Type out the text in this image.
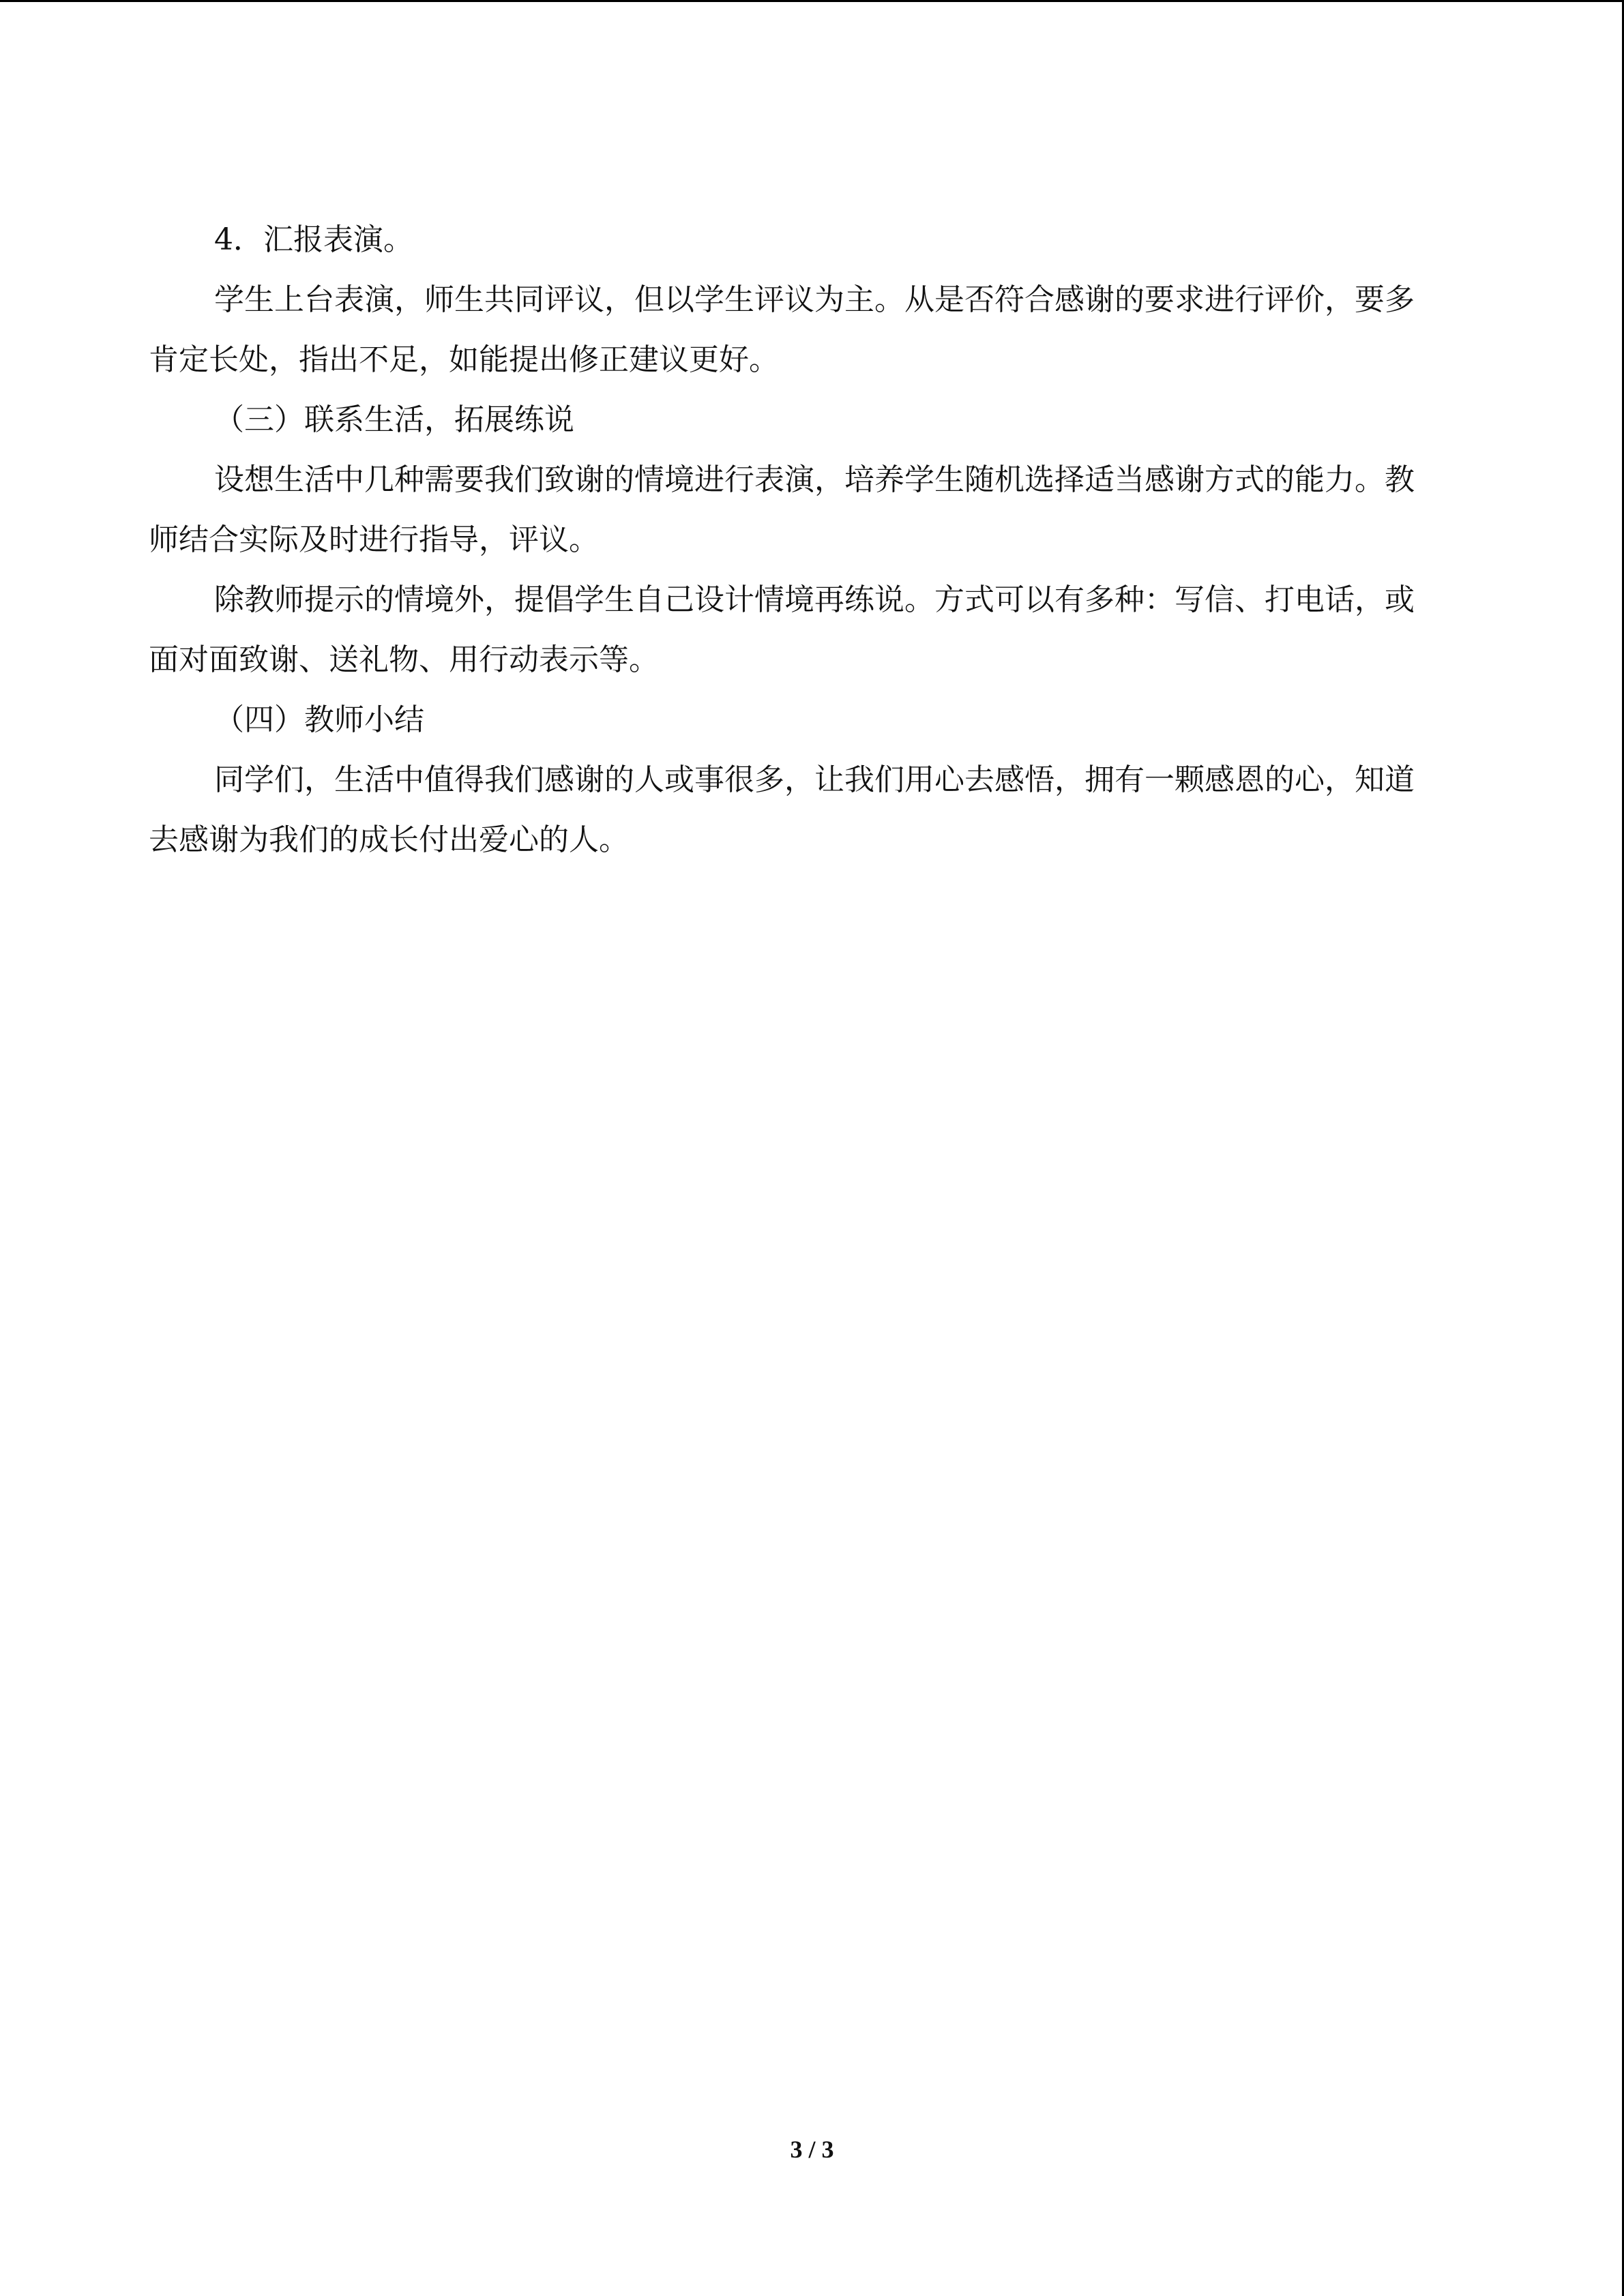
4．汇报表演。

学生上台表演，师生共同评议，但以学生评议为主。从是否符合感谢的要求进行评价，要多肯定长处，指出不足，如能提出修正建议更好。

（三）联系生活，拓展练说

设想生活中几种需要我们致谢的情境进行表演，培养学生随机选择适当感谢方式的能力。教师结合实际及时进行指导，评议。

除教师提示的情境外，提倡学生自己设计情境再练说。方式可以有多种：写信、打电话，或面对面致谢、送礼物、用行动表示等。

（四）教师小结

同学们，生活中值得我们感谢的人或事很多，让我们用心去感悟，拥有一颗感恩的心，知道去感谢为我们的成长付出爱心的人。

3 / 3
